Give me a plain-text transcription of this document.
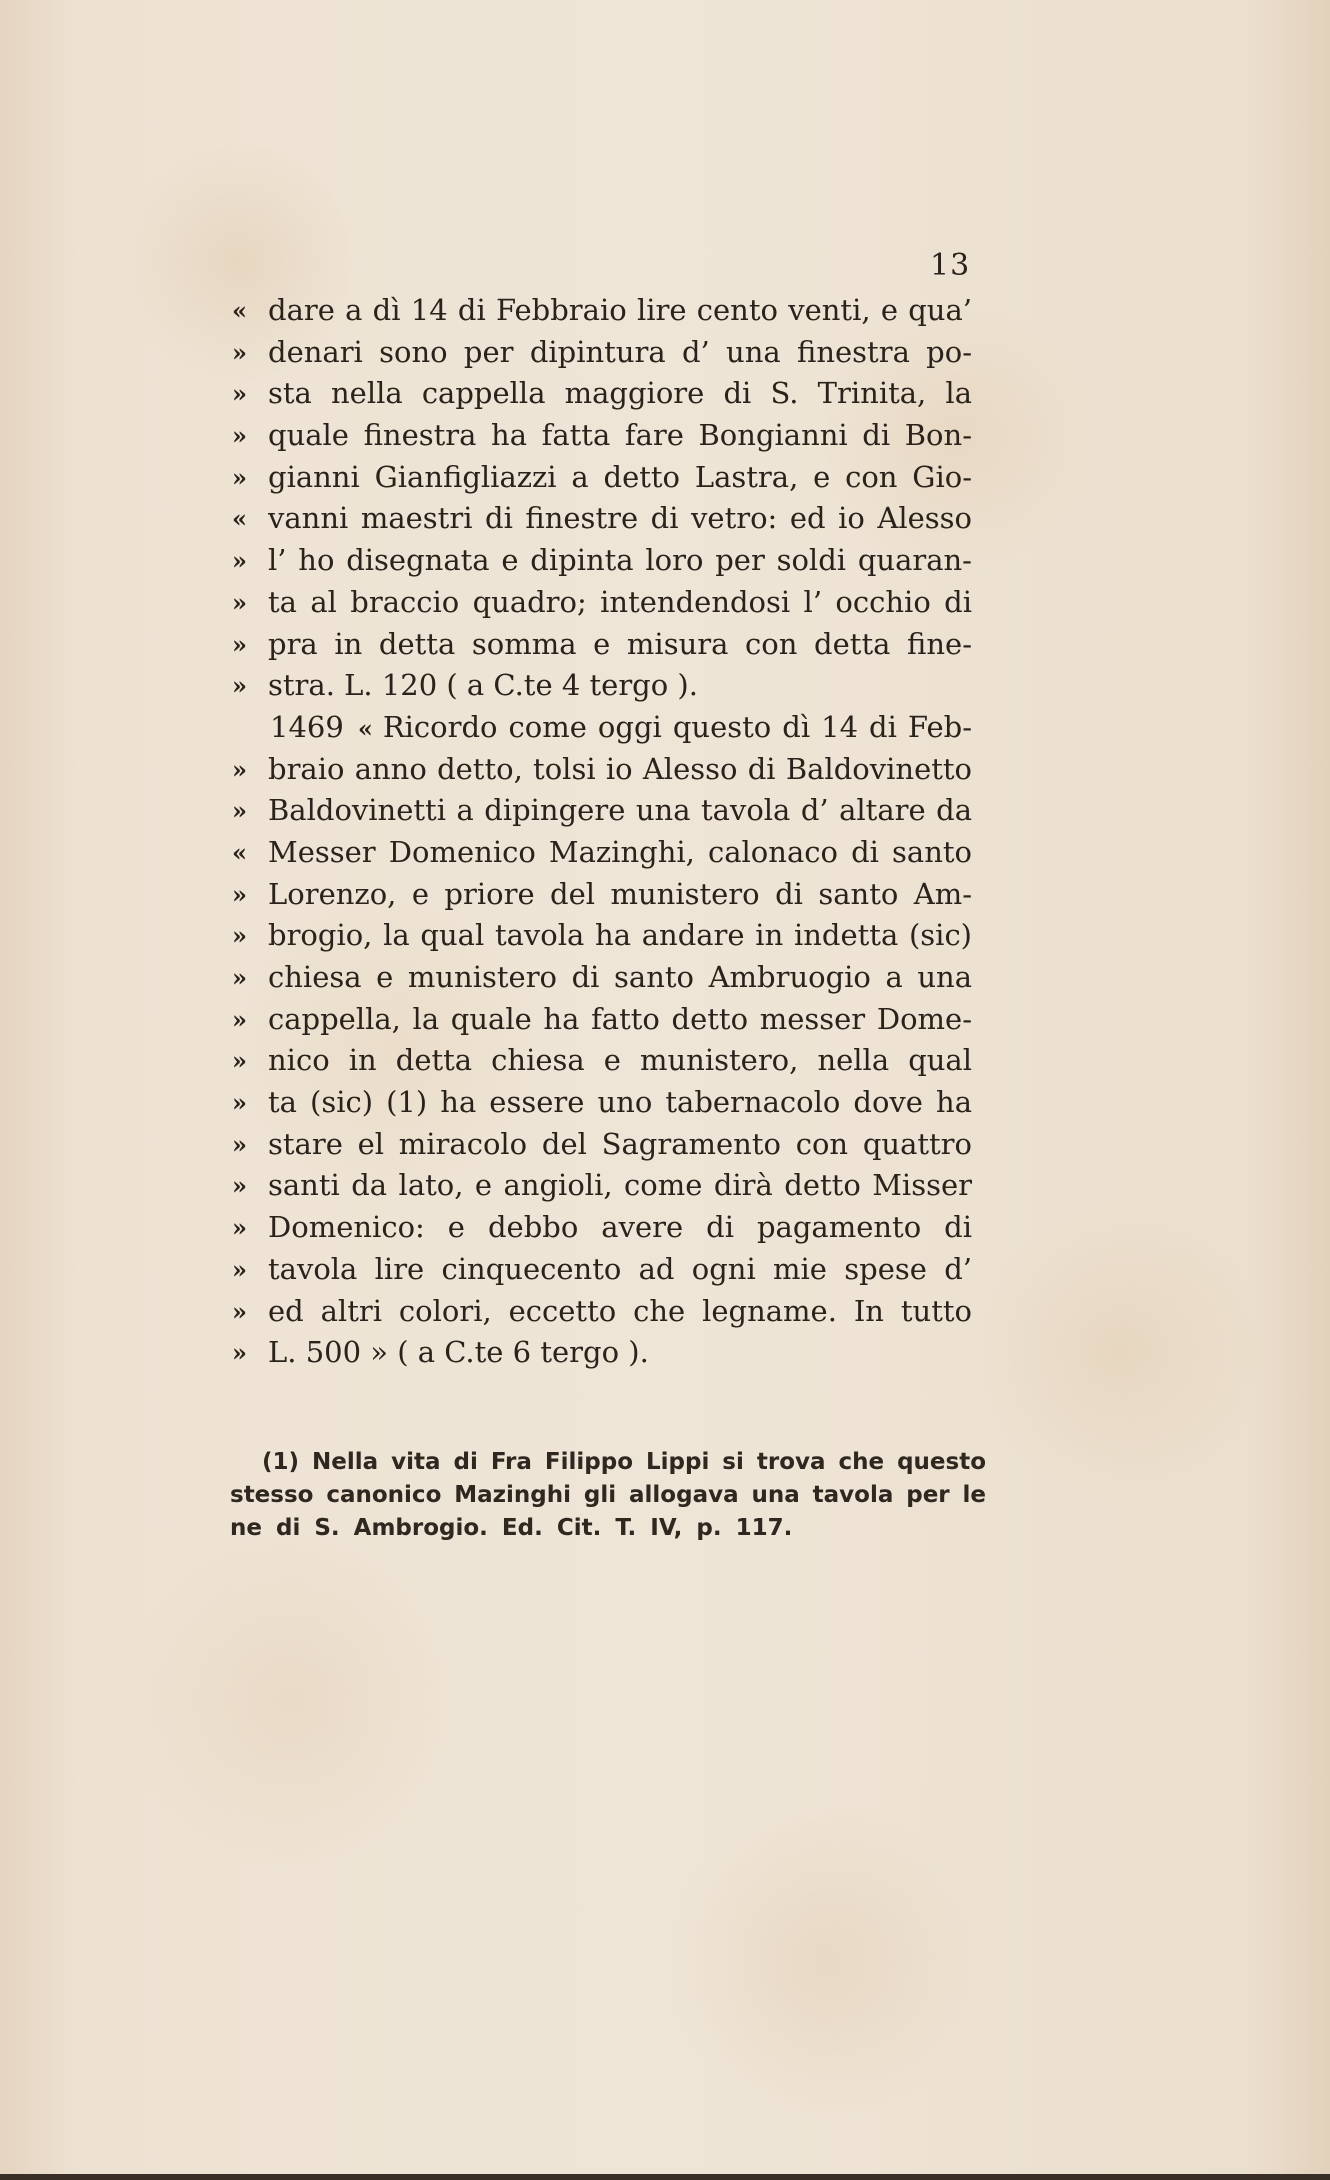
13
« dare a dì 14 di Febbraio lire cento venti, e qua’
» denari sono per dipintura d’ una finestra po-
» sta nella cappella maggiore di S. Trinita, la
» quale finestra ha fatta fare Bongianni di Bon-
» gianni Gianfigliazzi a detto Lastra, e con Gio-
« vanni maestri di finestre di vetro: ed io Alesso
» l’ ho disegnata e dipinta loro per soldi quaran-
» ta al braccio quadro; intendendosi l’ occhio di
» pra in detta somma e misura con detta fine-
» stra. L. 120 ( a C.te 4 tergo ).
1469 « Ricordo come oggi questo dì 14 di Feb-
» braio anno detto, tolsi io Alesso di Baldovinetto
» Baldovinetti a dipingere una tavola d’ altare da
« Messer Domenico Mazinghi, calonaco di santo
» Lorenzo, e priore del munistero di santo Am-
» brogio, la qual tavola ha andare in indetta (sic)
» chiesa e munistero di santo Ambruogio a una
» cappella, la quale ha fatto detto messer Dome-
» nico in detta chiesa e munistero, nella qual
» ta (sic) (1) ha essere uno tabernacolo dove ha
» stare el miracolo del Sagramento con quattro
» santi da lato, e angioli, come dirà detto Misser
» Domenico: e debbo avere di pagamento di
» tavola lire cinquecento ad ogni mie spese d’
» ed altri colori, eccetto che legname. In tutto
» L. 500 » ( a C.te 6 tergo ).
(1) Nella vita di Fra Filippo Lippi si trova che questo
stesso canonico Mazinghi gli allogava una tavola per le
ne di S. Ambrogio. Ed. Cit. T. IV, p. 117.
